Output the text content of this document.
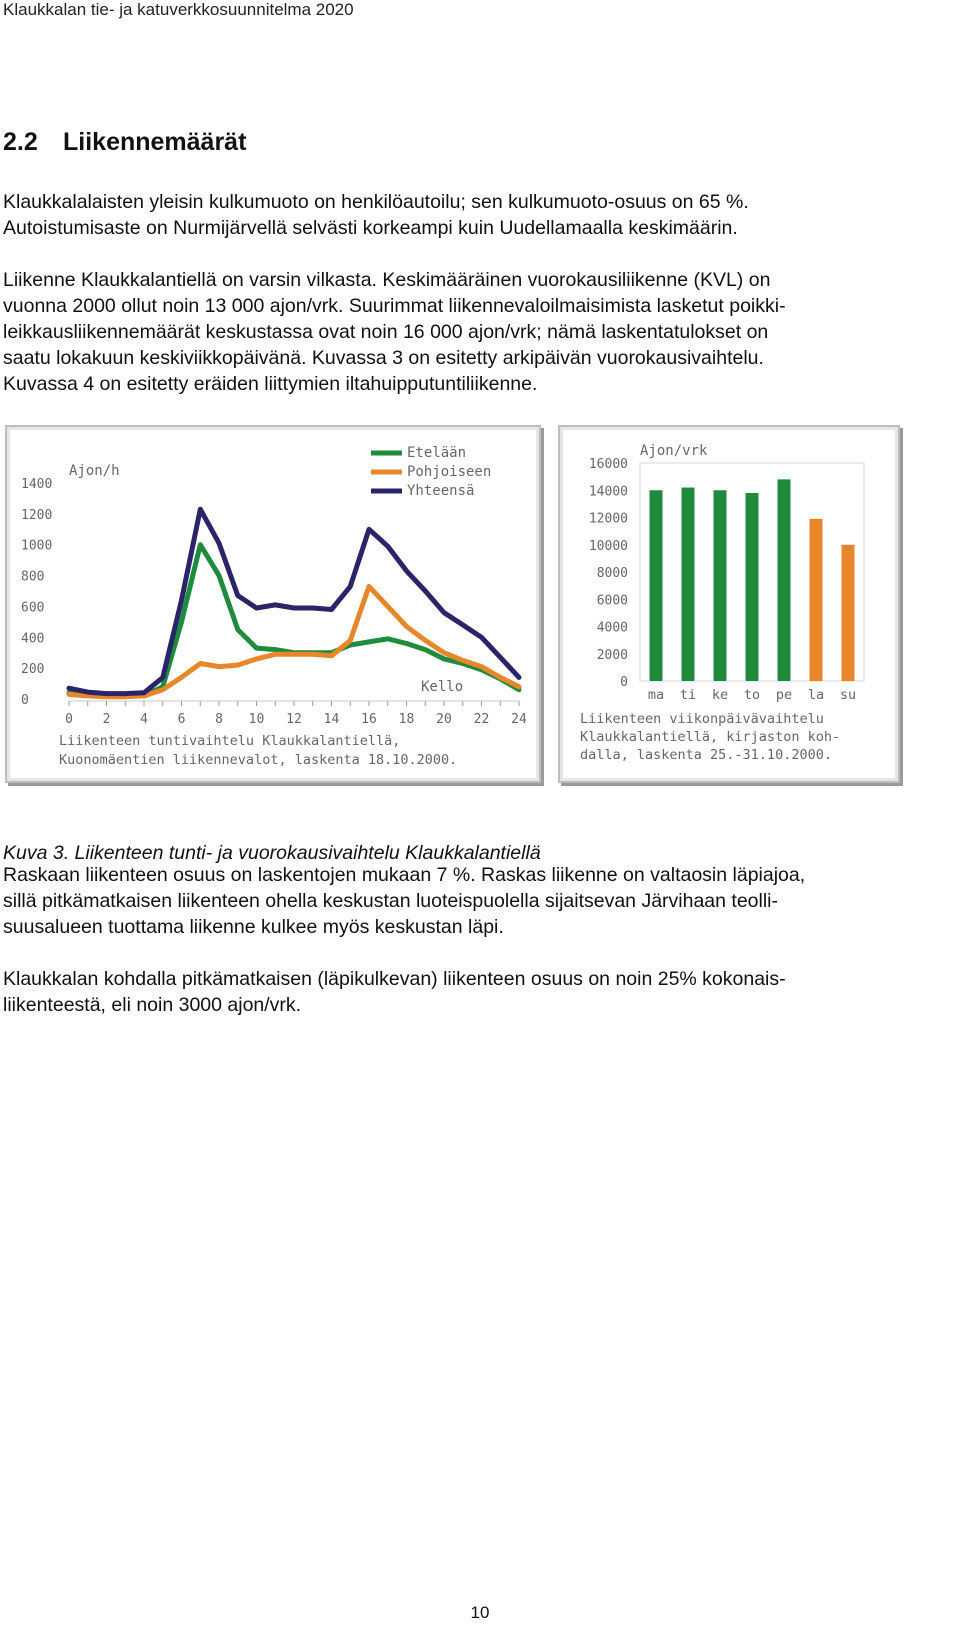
Klaukkalan tie- ja katuverkkosuunnitelma 2020
2.2 Liikennemäärät
Klaukkalalaisten yleisin kulkumuoto on henkilöautoilu; sen kulkumuoto-osuus on 65 %.
Autoistumisaste on Nurmijärvellä selvästi korkeampi kuin Uudellamaalla keskimäärin.
Liikenne Klaukkalantiellä on varsin vilkasta. Keskimääräinen vuorokausiliikenne (KVL) on
vuonna 2000 ollut noin 13 000 ajon/vrk. Suurimmat liikennevaloilmaisimista lasketut poikki-
leikkausliikennemäärät keskustassa ovat noin 16 000 ajon/vrk; nämä laskentatulokset on
saatu lokakuun keskiviikkopäivänä. Kuvassa 3 on esitetty arkipäivän vuorokausivaihtelu.
Kuvassa 4 on esitetty eräiden liittymien iltahuipputuntiliikenne.
0
200
400
600
800
1000
1200
1400
0 2 4 6 8 10 12 14 16 18 20 22 24
Ajon/h
Kello
Etelään
Pohjoiseen
Yhteensä
Liikenteen tuntivaihtelu Klaukkalantiellä,
Kuonomäentien liikennevalot, laskenta 18.10.2000.
0
2000
4000
6000
8000
10000
12000
14000
16000
Ajon/vrk
ma ti ke to pe la su
Liikenteen viikonpäivävaihtelu
Klaukkalantiellä, kirjaston koh-
dalla, laskenta 25.-31.10.2000.
Kuva 3. Liikenteen tunti- ja vuorokausivaihtelu Klaukkalantiellä
Raskaan liikenteen osuus on laskentojen mukaan 7 %. Raskas liikenne on valtaosin läpiajoa,
sillä pitkämatkaisen liikenteen ohella keskustan luoteispuolella sijaitsevan Järvihaan teolli-
suusalueen tuottama liikenne kulkee myös keskustan läpi.
Klaukkalan kohdalla pitkämatkaisen (läpikulkevan) liikenteen osuus on noin 25% kokonais-
liikenteestä, eli noin 3000 ajon/vrk.
10
